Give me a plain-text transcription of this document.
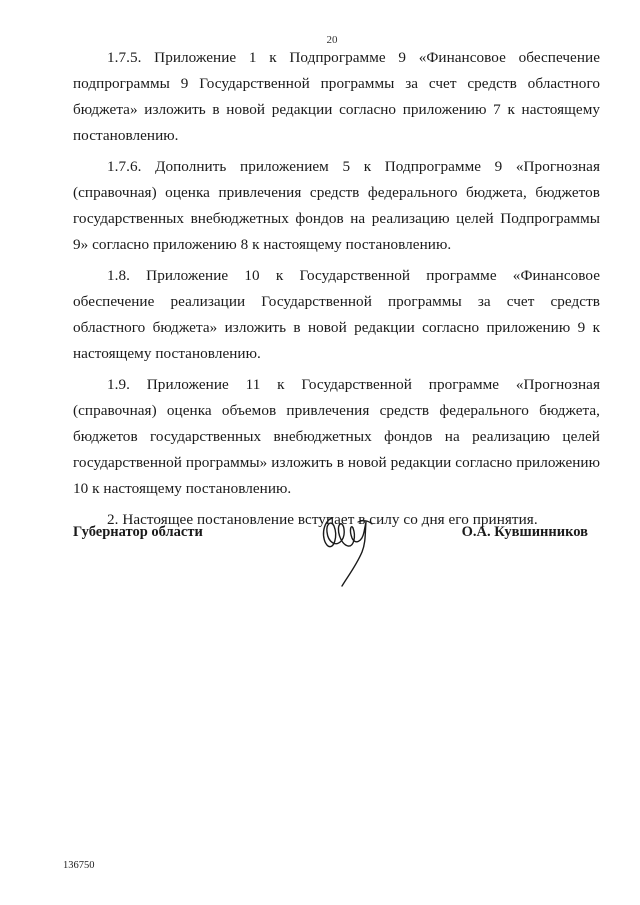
20

1.7.5. Приложение 1 к Подпрограмме 9 «Финансовое обеспечение подпрограммы 9 Государственной программы за счет средств областного бюджета» изложить в новой редакции согласно приложению 7 к настоящему постановлению.

1.7.6. Дополнить приложением 5 к Подпрограмме 9 «Прогнозная (справочная) оценка привлечения средств федерального бюджета, бюджетов государственных внебюджетных фондов на реализацию целей Подпрограммы 9» согласно приложению 8 к настоящему постановлению.

1.8. Приложение 10 к Государственной программе «Финансовое обеспечение реализации Государственной программы за счет средств областного бюджета» изложить в новой редакции согласно приложению 9 к настоящему постановлению.

1.9. Приложение 11 к Государственной программе «Прогнозная (справочная) оценка объемов привлечения средств федерального бюджета, бюджетов государственных внебюджетных фондов на реализацию целей государственной программы» изложить в новой редакции согласно приложению 10 к настоящему постановлению.

2. Настоящее постановление вступает в силу со дня его принятия.

Губернатор области	О.А. Кувшинников
136750
